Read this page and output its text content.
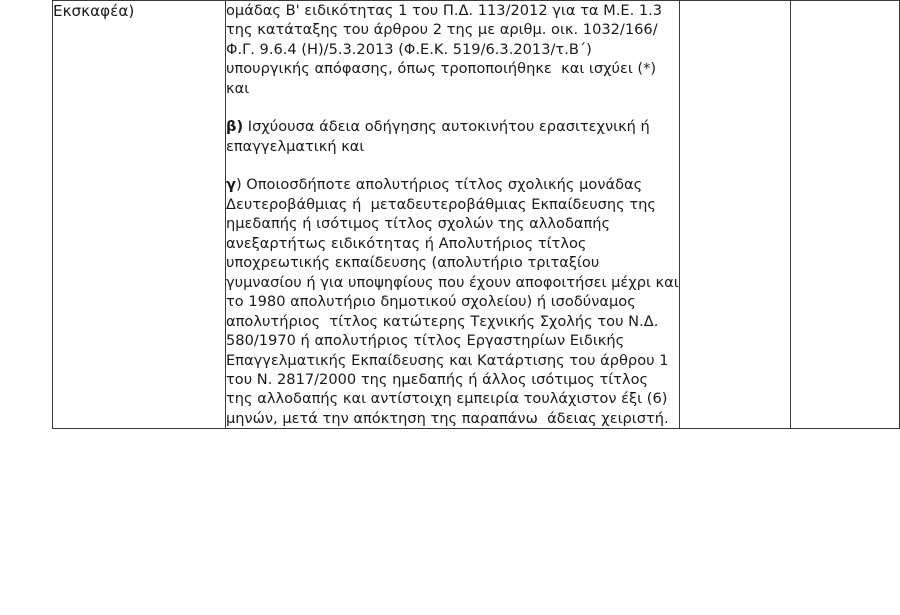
Εκσκαφέα)	ομάδας Β' ειδικότητας 1 του Π.Δ. 113/2012 για τα Μ.Ε. 1.3 της κατάταξης του άρθρου 2 της με αριθμ. οικ. 1032/166/Φ.Γ. 9.6.4 (Η)/5.3.2013 (Φ.Ε.Κ. 519/6.3.2013/τ.Β΄) υπουργικής απόφασης, όπως τροποποιήθηκε  και ισχύει (*) και

β) Ισχύουσα άδεια οδήγησης αυτοκινήτου ερασιτεχνική ή επαγγελματική και

γ) Οποιοσδήποτε απολυτήριος τίτλος σχολικής μονάδας Δευτεροβάθμιας ή  μεταδευτεροβάθμιας Εκπαίδευσης της ημεδαπής ή ισότιμος τίτλος σχολών της αλλοδαπής ανεξαρτήτως ειδικότητας ή Απολυτήριος τίτλος  υποχρεωτικής εκπαίδευσης (απολυτήριο τριταξίου γυμνασίου ή για υποψηφίους που έχουν αποφοιτήσει μέχρι και το 1980 απολυτήριο δημοτικού σχολείου) ή ισοδύναμος απολυτήριος  τίτλος κατώτερης Τεχνικής Σχολής του Ν.Δ. 580/1970 ή απολυτήριος τίτλος Εργαστηρίων Ειδικής Επαγγελματικής Εκπαίδευσης και Κατάρτισης του άρθρου 1 του Ν. 2817/2000 της ημεδαπής ή άλλος ισότιμος τίτλος της αλλοδαπής και αντίστοιχη εμπειρία τουλάχιστον έξι (6) μηνών, μετά την απόκτηση της παραπάνω  άδειας χειριστή.
